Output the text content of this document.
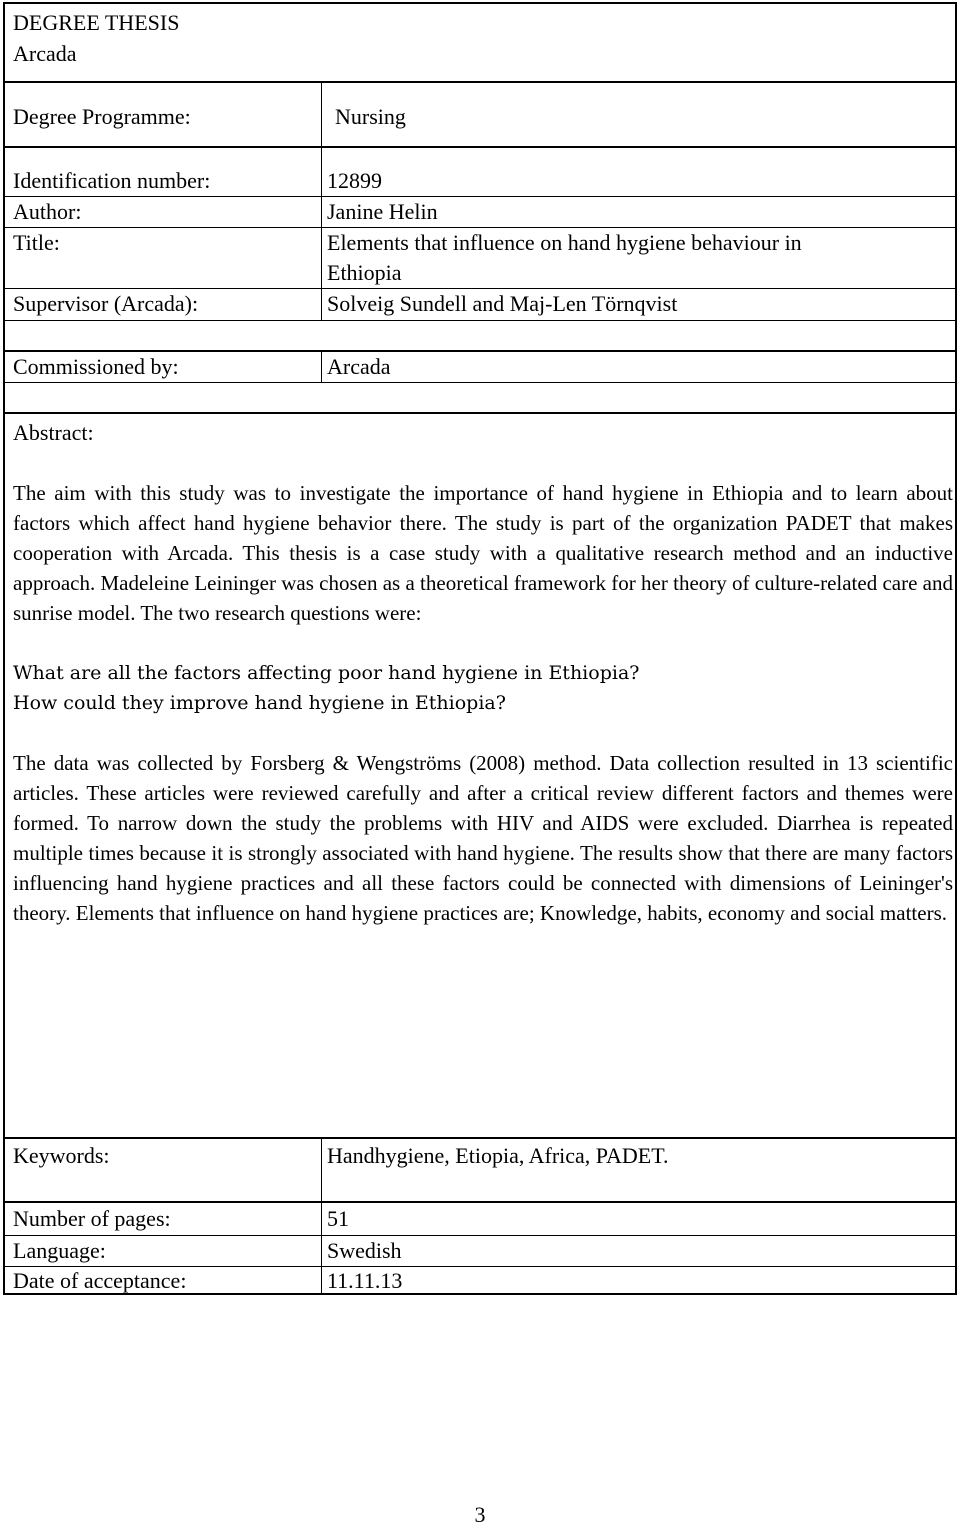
DEGREE THESIS
Arcada
Degree Programme:	Nursing
Identification number:	12899
Author:	Janine Helin
Title:	Elements that influence on hand hygiene behaviour in
Ethiopia
Supervisor (Arcada):	Solveig Sundell and Maj-Len Törnqvist
Commissioned by:	Arcada
Abstract:

The aim with this study was to investigate the importance of hand hygiene in Ethiopia and to learn about factors which affect hand hygiene behavior there. The study is part of the organization PADET that makes cooperation with Arcada. This thesis is a case study with a qualitative research method and an inductive approach. Madeleine Leininger was chosen as a theoretical framework for her theory of culture-related care and sunrise model. The two research questions were:

What are all the factors affecting poor hand hygiene in Ethiopia?

How could they improve hand hygiene in Ethiopia?

The data was collected by Forsberg & Wengströms (2008) method. Data collection resulted in 13 scientific articles. These articles were reviewed carefully and after a critical review different factors and themes were formed. To narrow down the study the problems with HIV and AIDS were excluded. Diarrhea is repeated multiple times because it is strongly associated with hand hygiene. The results show that there are many factors influencing hand hygiene practices and all these factors could be connected with dimensions of Leininger's theory. Elements that influence on hand hygiene practices are; Knowledge, habits, economy and social matters.

Keywords:	Handhygiene, Etiopia, Africa, PADET.
Number of pages:	51
Language:	Swedish
Date of acceptance:	11.11.13
3
